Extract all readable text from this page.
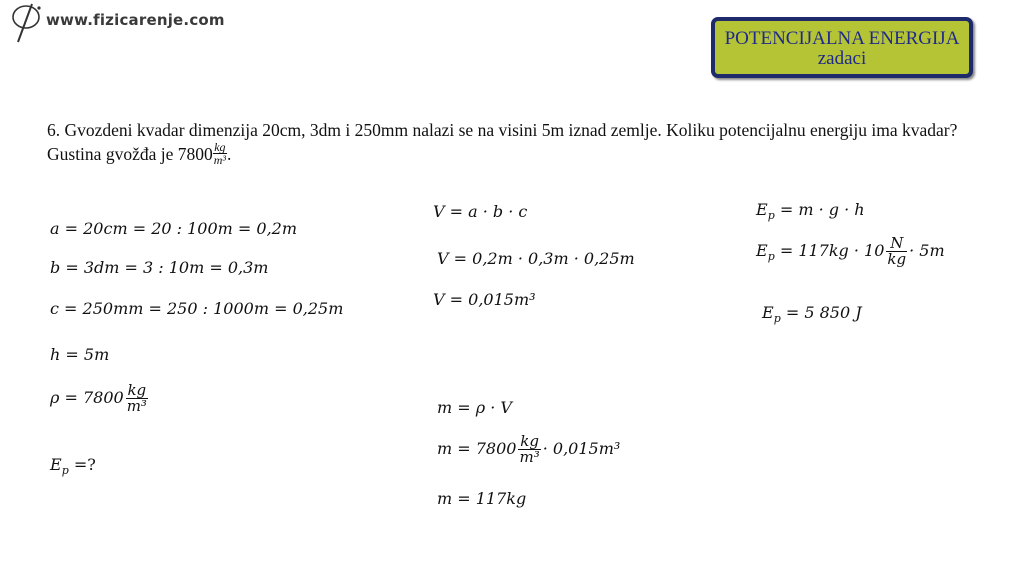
www.fizicarenje.com
POTENCIJALNA ENERGIJA
zadaci
6. Gvozdeni kvadar dimenzija 20cm, 3dm i 250mm nalazi se na visini 5m iznad zemlje. Koliku potencijalnu energiju ima kvadar? Gustina gvožđa je $7800 \frac{kg}{\text{m³}}$ .
a = 20cm = 20 : 100m = 0,2m
b = 3dm = 3 : 10m = 0,3m
c = 250mm = 250 : 1000m = 0,25m
h = 5m
$\rho = 7800 \frac{kg}{\text{m³}}$
$E_p$ =?
V = a · b · c
V = 0,2m · 0,3m · 0,25m
V = 0,015m³
m = ρ · V
$m = 7800 \frac{kg}{\text{m³}} \cdot 0,015m^3$
m = 117kg
$E_p = m \cdot g \cdot h$
$E_p = 117kg \cdot 10 \frac{N}{kg} \cdot 5m$
$E_p = 5$ 850 J
